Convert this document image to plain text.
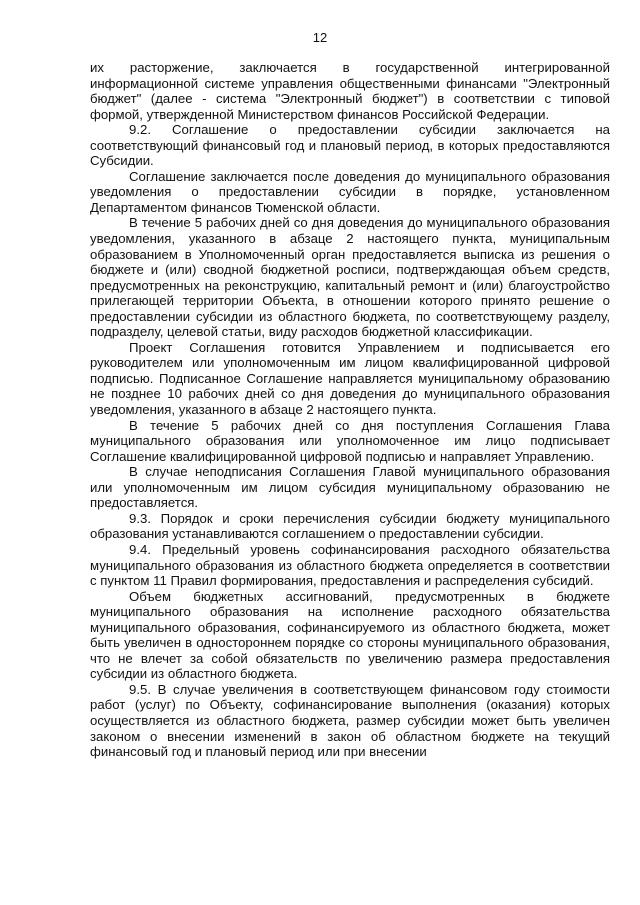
12

их расторжение, заключается в государственной интегрированной информационной системе управления общественными финансами "Электронный бюджет" (далее - система "Электронный бюджет") в соответствии с типовой формой, утвержденной Министерством финансов Российской Федерации.

9.2. Соглашение о предоставлении субсидии заключается на соответствующий финансовый год и плановый период, в которых предоставляются Субсидии.

Соглашение заключается после доведения до муниципального образования уведомления о предоставлении субсидии в порядке, установленном Департаментом финансов Тюменской области.

В течение 5 рабочих дней со дня доведения до муниципального образования уведомления, указанного в абзаце 2 настоящего пункта, муниципальным образованием в Уполномоченный орган предоставляется выписка из решения о бюджете и (или) сводной бюджетной росписи, подтверждающая объем средств, предусмотренных на реконструкцию, капитальный ремонт и (или) благоустройство прилегающей территории Объекта, в отношении которого принято решение о предоставлении субсидии из областного бюджета, по соответствующему разделу, подразделу, целевой статьи, виду расходов бюджетной классификации.

Проект Соглашения готовится Управлением и подписывается его руководителем или уполномоченным им лицом квалифицированной цифровой подписью. Подписанное Соглашение направляется муниципальному образованию не позднее 10 рабочих дней со дня доведения до муниципального образования уведомления, указанного в абзаце 2 настоящего пункта.

В течение 5 рабочих дней со дня поступления Соглашения Глава муниципального образования или уполномоченное им лицо подписывает Соглашение квалифицированной цифровой подписью и направляет Управлению.

В случае неподписания Соглашения Главой муниципального образования или уполномоченным им лицом субсидия муниципальному образованию не предоставляется.

9.3. Порядок и сроки перечисления субсидии бюджету муниципального образования устанавливаются соглашением о предоставлении субсидии.

9.4. Предельный уровень софинансирования расходного обязательства муниципального образования из областного бюджета определяется в соответствии с пунктом 11 Правил формирования, предоставления и распределения субсидий.

Объем бюджетных ассигнований, предусмотренных в бюджете муниципального образования на исполнение расходного обязательства муниципального образования, софинансируемого из областного бюджета, может быть увеличен в одностороннем порядке со стороны муниципального образования, что не влечет за собой обязательств по увеличению размера предоставления субсидии из областного бюджета.

9.5. В случае увеличения в соответствующем финансовом году стоимости работ (услуг) по Объекту, софинансирование выполнения (оказания) которых осуществляется из областного бюджета, размер субсидии может быть увеличен законом о внесении изменений в закон об областном бюджете на текущий финансовый год и плановый период или при внесении
